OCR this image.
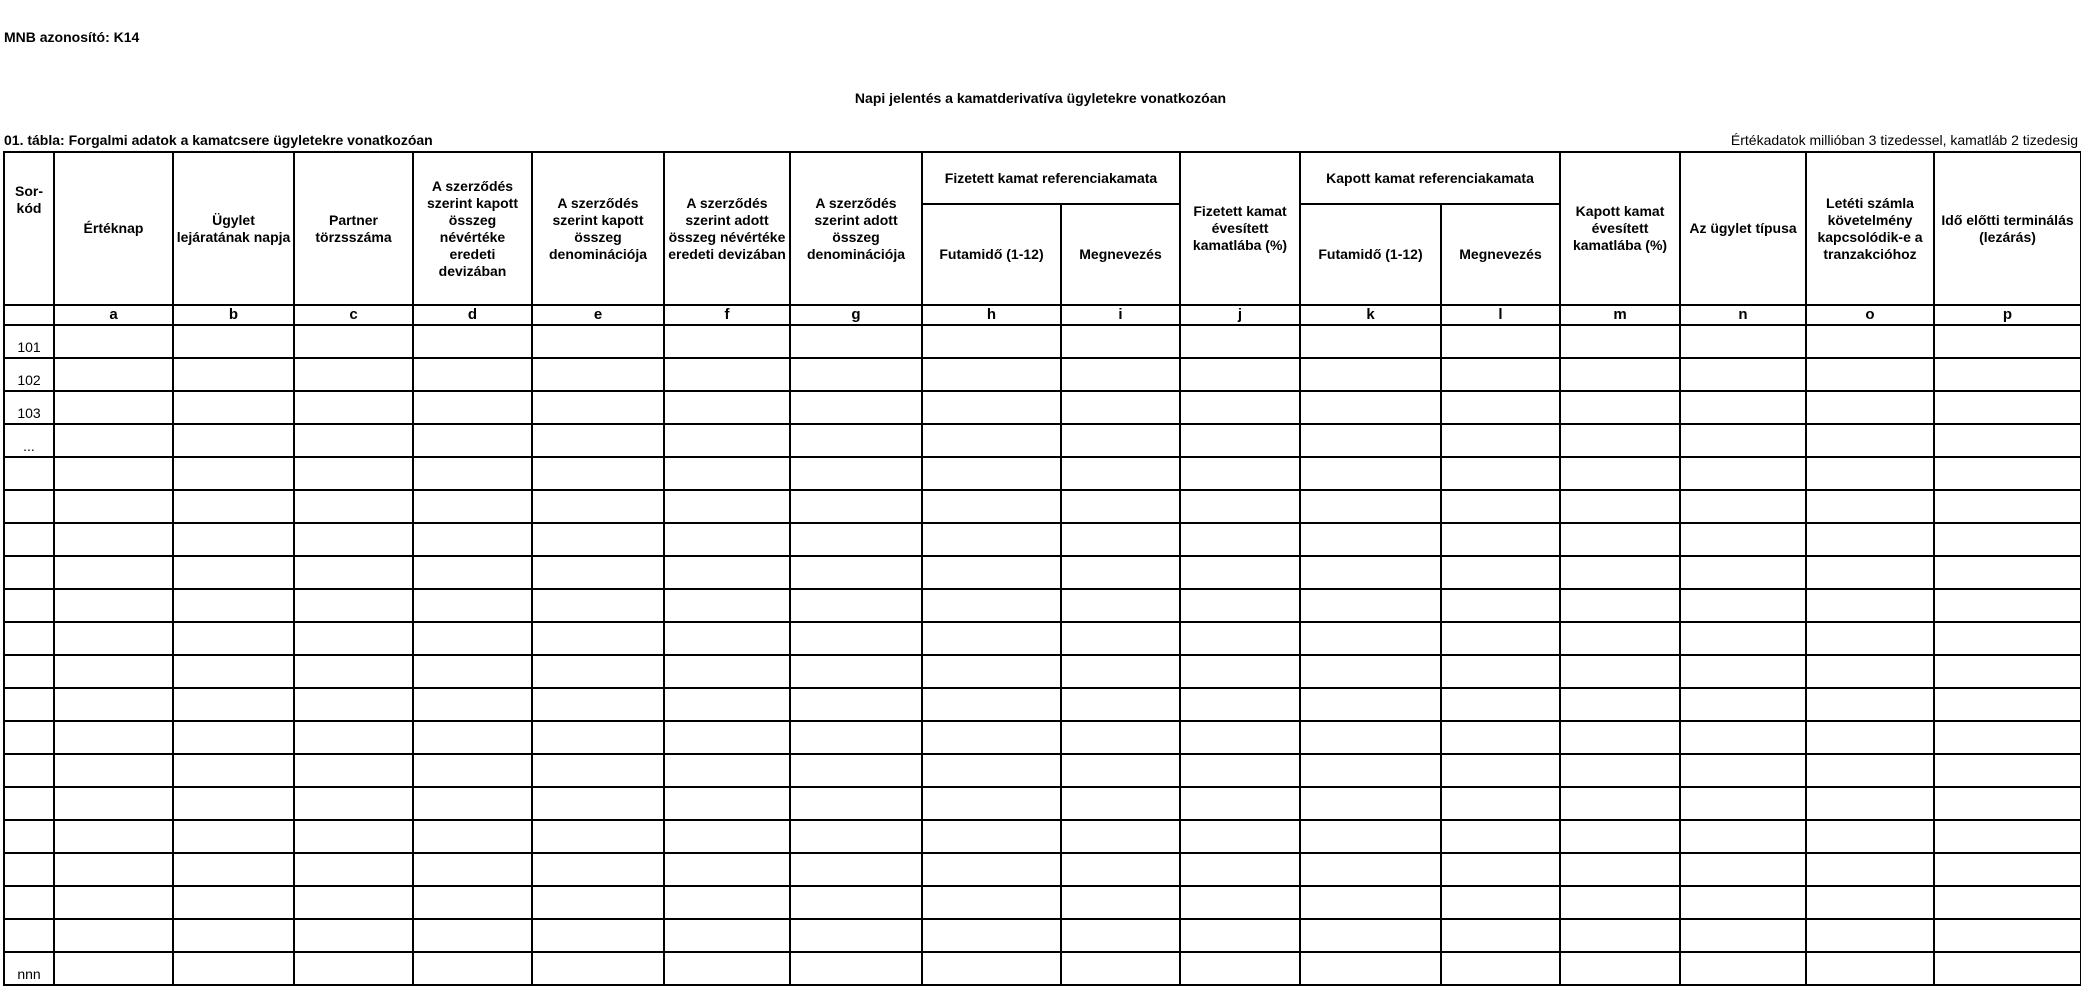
MNB azonosító: K14
Napi jelentés a kamatderivatíva ügyletekre vonatkozóan
01. tábla: Forgalmi adatok a kamatcsere ügyletekre vonatkozóan	Értékadatok millióban 3 tizedessel, kamatláb 2 tizedesig
Sor-kód	Értéknap	Ügylet lejáratának napja	Partner törzsszáma	A szerződés szerint kapott összeg névértéke eredeti devizában	A szerződés szerint kapott összeg denominációja	A szerződés szerint adott összeg névértéke eredeti devizában	A szerződés szerint adott összeg denominációja	Fizetett kamat referenciakamata		Fizetett kamat évesített kamatlába (%)	Kapott kamat referenciakamata		Kapott kamat évesített kamatlába (%)	Az ügylet típusa	Letéti számla követelmény kapcsolódik-e a tranzakcióhoz	Idő előtti terminálás (lezárás)
								Futamidő (1-12)	Megnevezés		Futamidő (1-12)	Megnevezés				
	a	b	c	d	e	f	g	h	i	j	k	l	m	n	o	p
101																
102																
103																
...																

nnn																
